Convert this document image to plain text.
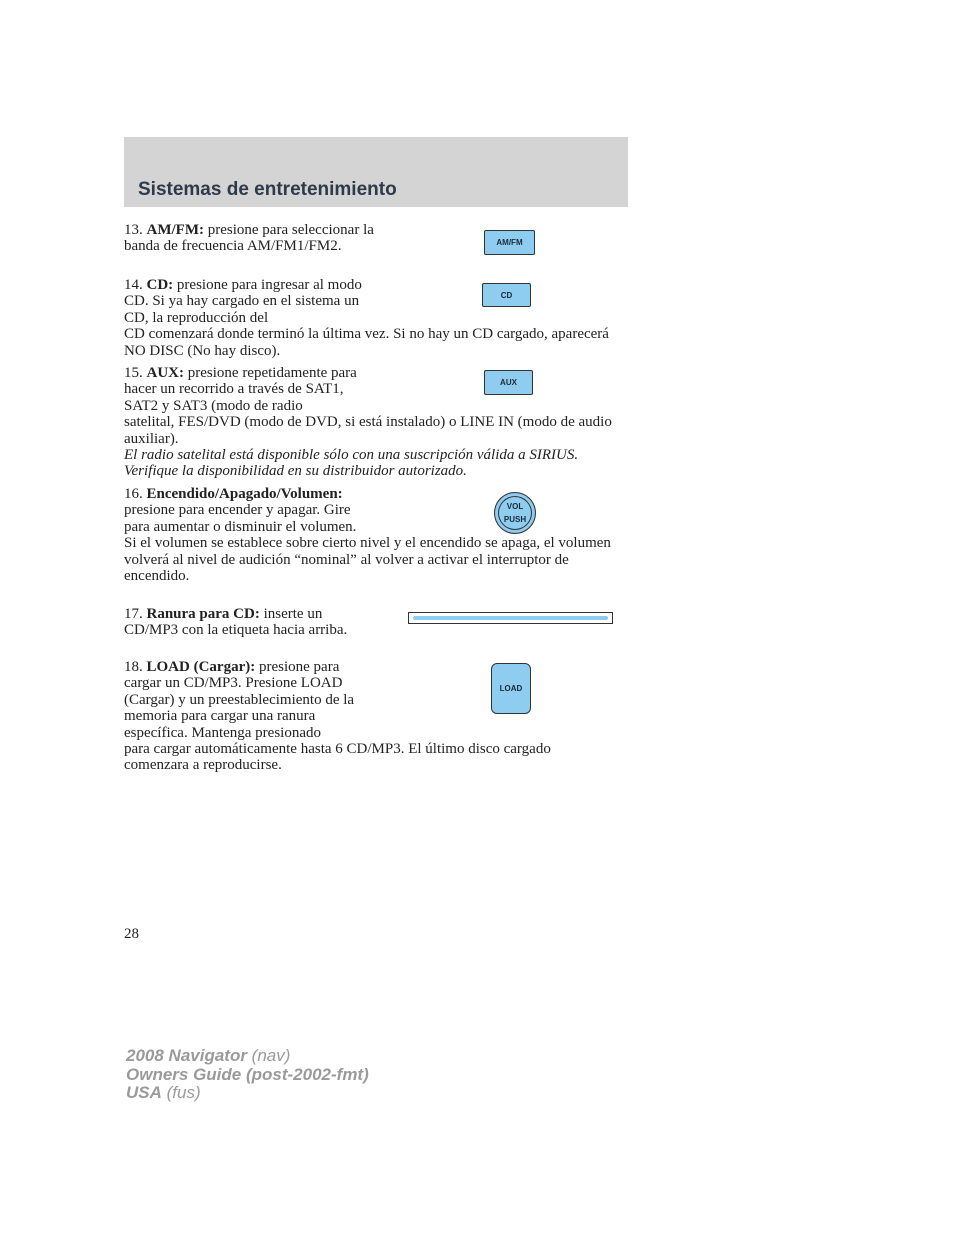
Sistemas de entretenimiento
13. AM/FM: presione para seleccionar la banda de frecuencia AM/FM1/FM2.	AM/FM
14. CD: presione para ingresar al modo CD. Si ya hay cargado en el sistema un CD, la reproducción del
CD comenzará donde terminó la última vez. Si no hay un CD cargado, aparecerá NO DISC (No hay disco).
CD
15. AUX: presione repetidamente para hacer un recorrido a través de SAT1, SAT2 y SAT3 (modo de radio
satelital, FES/DVD (modo de DVD, si está instalado) o LINE IN (modo de audio auxiliar).
El radio satelital está disponible sólo con una suscripción válida a SIRIUS. Verifique la disponibilidad en su distribuidor autorizado.
AUX
16. Encendido/Apagado/Volumen: presione para encender y apagar. Gire para aumentar o disminuir el volumen.
Si el volumen se establece sobre cierto nivel y el encendido se apaga, el volumen volverá al nivel de audición “nominal” al volver a activar el interruptor de encendido.
VOL
PUSH
17. Ranura para CD: inserte un CD/MP3 con la etiqueta hacia arriba.
18. LOAD (Cargar): presione para cargar un CD/MP3. Presione LOAD (Cargar) y un preestablecimiento de la memoria para cargar una ranura específica. Mantenga presionado
para cargar automáticamente hasta 6 CD/MP3. El último disco cargado comenzara a reproducirse.
LOAD
28
2008 Navigator (nav)
Owners Guide (post-2002-fmt)
USA (fus)
